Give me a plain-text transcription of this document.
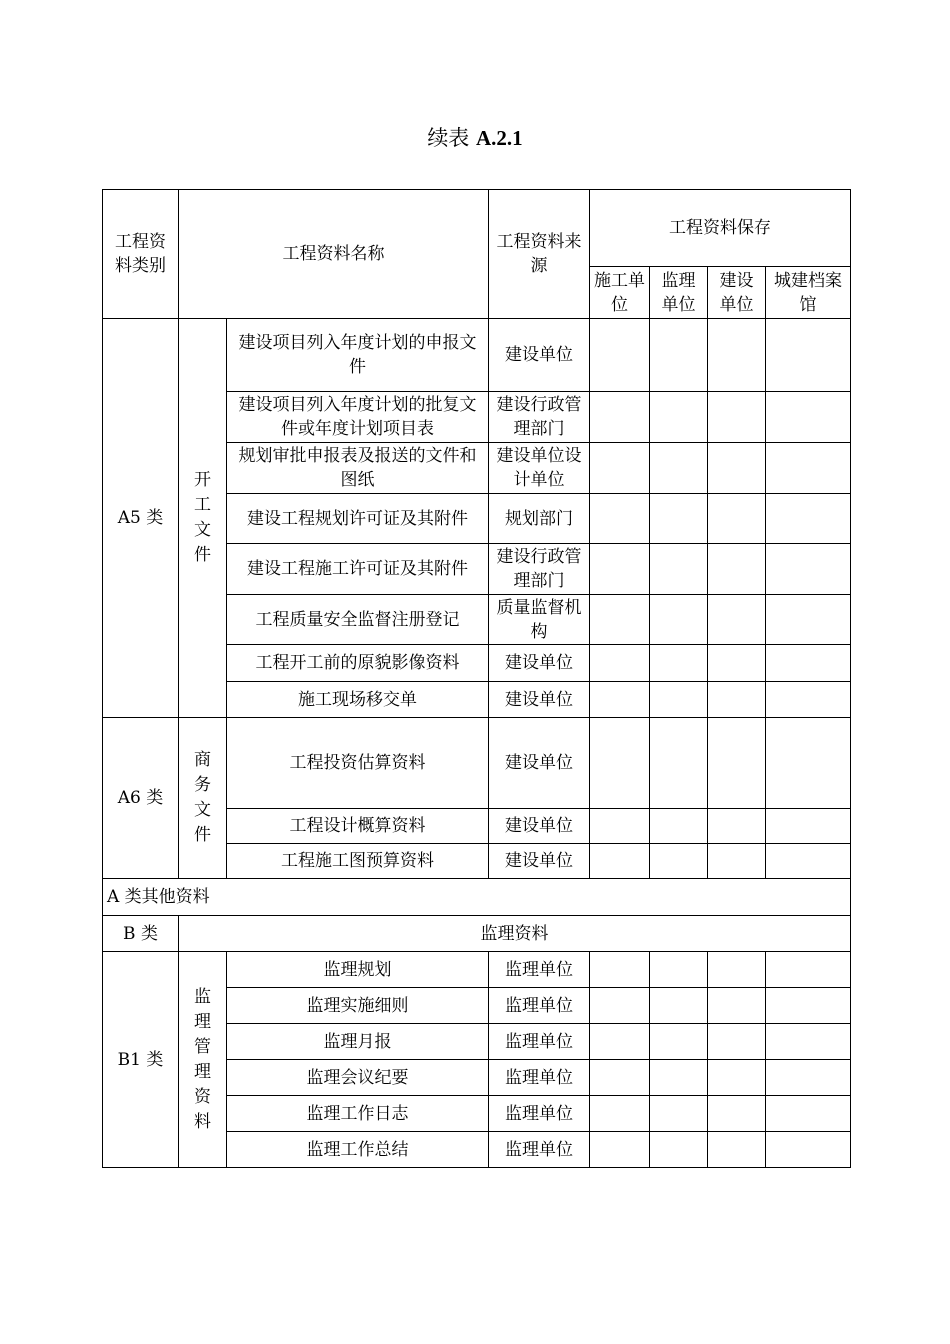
续表 A.2.1
工程资料类别	工程资料名称		工程资料来源	工程资料保存			
				施工单位	监理单位	建设单位	城建档案馆
A5 类	开工文件	建设项目列入年度计划的申报文件	建设单位				
		建设项目列入年度计划的批复文件或年度计划项目表	建设行政管理部门				
		规划审批申报表及报送的文件和图纸	建设单位设计单位				
		建设工程规划许可证及其附件	规划部门				
		建设工程施工许可证及其附件	建设行政管理部门				
		工程质量安全监督注册登记	质量监督机构				
		工程开工前的原貌影像资料	建设单位				
		施工现场移交单	建设单位				
A6 类	商务文件	工程投资估算资料	建设单位				
		工程设计概算资料	建设单位				
		工程施工图预算资料	建设单位				
A 类其他资料							
B 类	监理资料						
B1 类	监理管理资料	监理规划	监理单位				
		监理实施细则	监理单位				
		监理月报	监理单位				
		监理会议纪要	监理单位				
		监理工作日志	监理单位				
		监理工作总结	监理单位				
